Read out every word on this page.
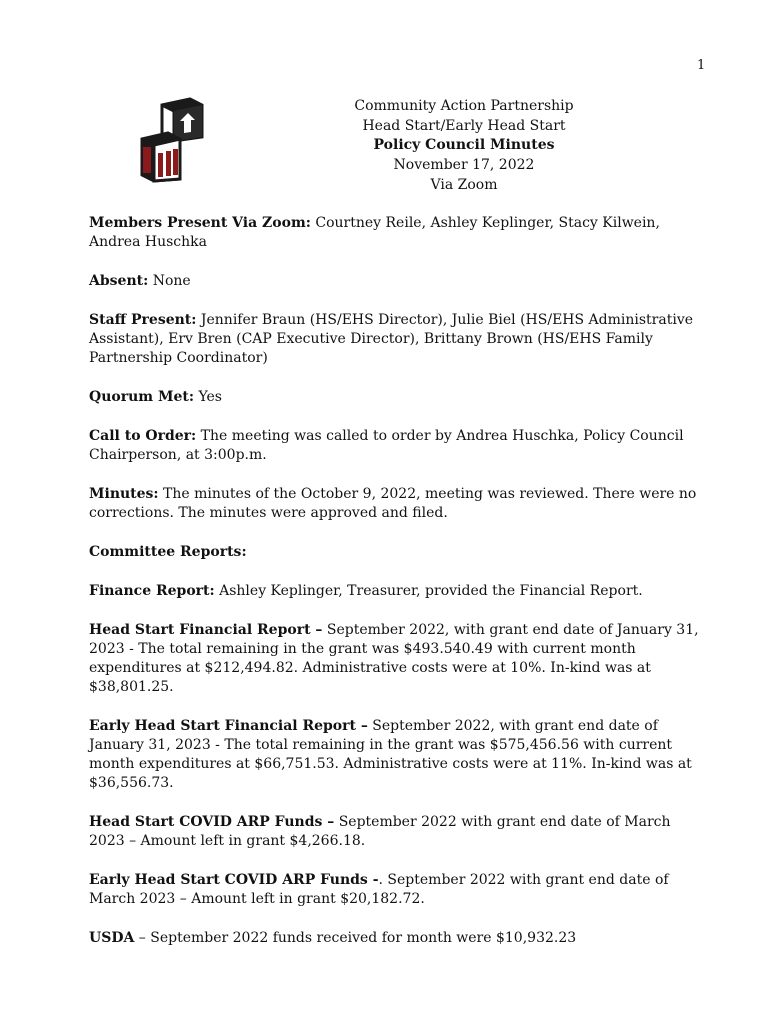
1
Community Action Partnership
Head Start/Early Head Start
Policy Council Minutes
November 17, 2022
Via Zoom

Members Present Via Zoom: Courtney Reile, Ashley Keplinger, Stacy Kilwein, Andrea Huschka

Absent: None

Staff Present: Jennifer Braun (HS/EHS Director), Julie Biel (HS/EHS Administrative Assistant), Erv Bren (CAP Executive Director), Brittany Brown (HS/EHS Family Partnership Coordinator)

Quorum Met: Yes

Call to Order: The meeting was called to order by Andrea Huschka, Policy Council Chairperson, at 3:00p.m.

Minutes: The minutes of the October 9, 2022, meeting was reviewed. There were no corrections. The minutes were approved and filed.

Committee Reports:

Finance Report: Ashley Keplinger, Treasurer, provided the Financial Report.

Head Start Financial Report – September 2022, with grant end date of January 31, 2023 - The total remaining in the grant was $493.540.49 with current month expenditures at $212,494.82. Administrative costs were at 10%. In-kind was at $38,801.25.

Early Head Start Financial Report – September 2022, with grant end date of January 31, 2023 - The total remaining in the grant was $575,456.56 with current month expenditures at $66,751.53. Administrative costs were at 11%. In-kind was at $36,556.73.

Head Start COVID ARP Funds – September 2022 with grant end date of March 2023 – Amount left in grant $4,266.18.

Early Head Start COVID ARP Funds -. September 2022 with grant end date of March 2023 – Amount left in grant $20,182.72.

USDA – September 2022 funds received for month were $10,932.23
